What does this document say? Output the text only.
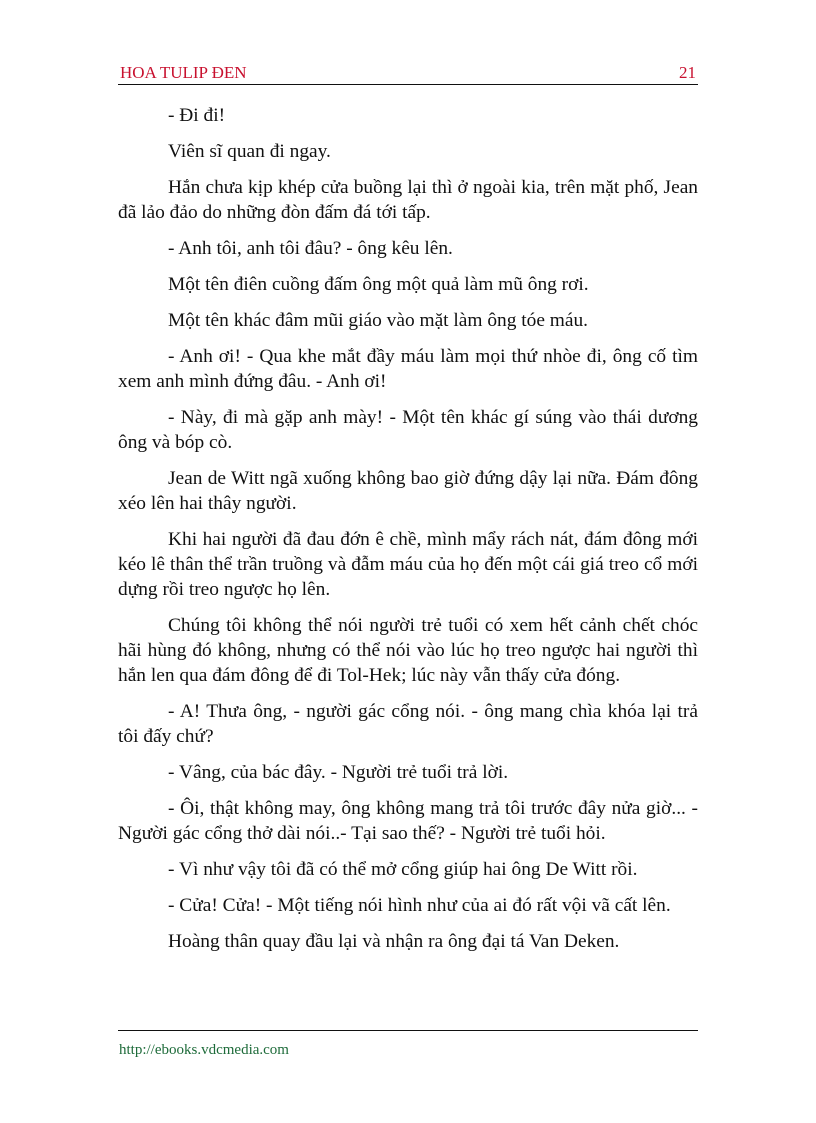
HOA TULIP ĐEN	21

- Đi đi!

Viên sĩ quan đi ngay.

Hắn chưa kịp khép cửa buồng lại thì ở ngoài kia, trên mặt phố, Jean đã lảo đảo do những đòn đấm đá tới tấp.

- Anh tôi, anh tôi đâu? - ông kêu lên.

Một tên điên cuồng đấm ông một quả làm mũ ông rơi.

Một tên khác đâm mũi giáo vào mặt làm ông tóe máu.

- Anh ơi! - Qua khe mắt đầy máu làm mọi thứ nhòe đi, ông cố tìm xem anh mình đứng đâu. - Anh ơi!

- Này, đi mà gặp anh mày! - Một tên khác gí súng vào thái dương ông và bóp cò.

Jean de Witt ngã xuống không bao giờ đứng dậy lại nữa. Đám đông xéo lên hai thây người.

Khi hai người đã đau đớn ê chề, mình mẩy rách nát, đám đông mới kéo lê thân thể trần truồng và đẫm máu của họ đến một cái giá treo cổ mới dựng rồi treo ngược họ lên.

Chúng tôi không thể nói người trẻ tuổi có xem hết cảnh chết chóc hãi hùng đó không, nhưng có thể nói vào lúc họ treo ngược hai người thì hắn len qua đám đông để đi Tol-Hek; lúc này vẫn thấy cửa đóng.

- A! Thưa ông, - người gác cổng nói. - ông mang chìa khóa lại trả tôi đấy chứ?

- Vâng, của bác đây. - Người trẻ tuổi trả lời.

- Ôi, thật không may, ông không mang trả tôi trước đây nửa giờ... - Người gác cổng thở dài nói..- Tại sao thế? - Người trẻ tuổi hỏi.

- Vì như vậy tôi đã có thể mở cổng giúp hai ông De Witt rồi.

- Cửa! Cửa! - Một tiếng nói hình như của ai đó rất vội vã cất lên.

Hoàng thân quay đầu lại và nhận ra ông đại tá Van Deken.

http://ebooks.vdcmedia.com
